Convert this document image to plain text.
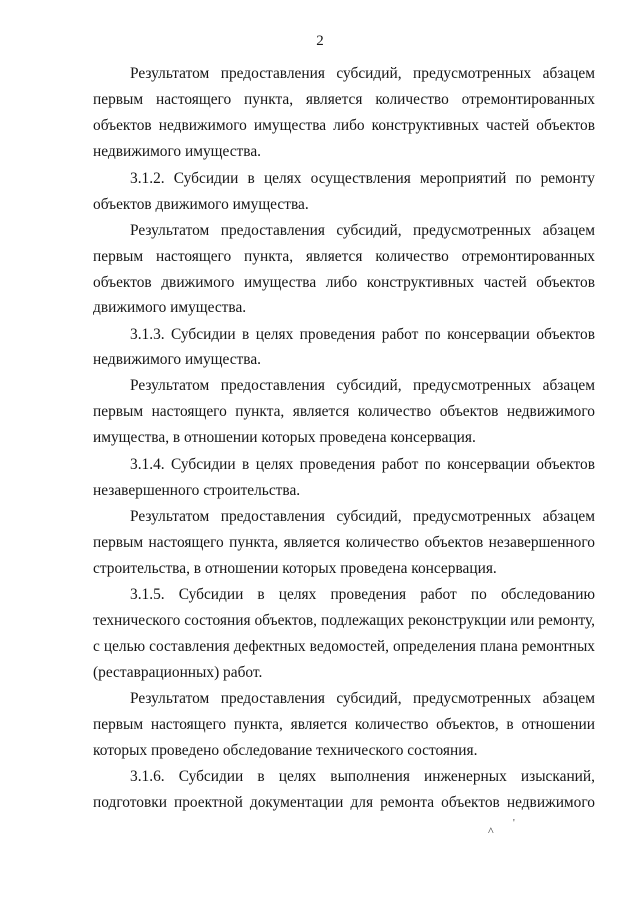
2
Результатом предоставления субсидий, предусмотренных абзацем
первым настоящего пункта, является количество отремонтированных
объектов недвижимого имущества либо конструктивных частей объектов
недвижимого имущества.
3.1.2. Субсидии в целях осуществления мероприятий по ремонту
объектов движимого имущества.
Результатом предоставления субсидий, предусмотренных абзацем
первым настоящего пункта, является количество отремонтированных
объектов движимого имущества либо конструктивных частей объектов
движимого имущества.
3.1.3. Субсидии в целях проведения работ по консервации объектов
недвижимого имущества.
Результатом предоставления субсидий, предусмотренных абзацем
первым настоящего пункта, является количество объектов недвижимого
имущества, в отношении которых проведена консервация.
3.1.4. Субсидии в целях проведения работ по консервации объектов
незавершенного строительства.
Результатом предоставления субсидий, предусмотренных абзацем
первым настоящего пункта, является количество объектов незавершенного
строительства, в отношении которых проведена консервация.
3.1.5. Субсидии в целях проведения работ по обследованию
технического состояния объектов, подлежащих реконструкции или ремонту,
с целью составления дефектных ведомостей, определения плана ремонтных
(реставрационных) работ.
Результатом предоставления субсидий, предусмотренных абзацем
первым настоящего пункта, является количество объектов, в отношении
которых проведено обследование технического состояния.
3.1.6. Субсидии в целях выполнения инженерных изысканий,
подготовки проектной документации для ремонта объектов недвижимого
^
'
